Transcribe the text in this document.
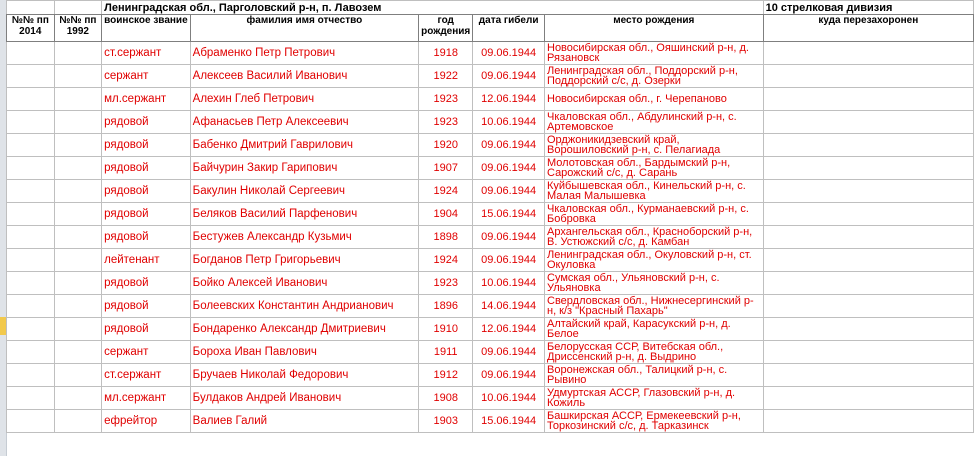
		Ленинградская обл., Парголовский р-н, п. Лавозем					10 стрелковая дивизия
№№ пп 2014	№№ пп 1992	воинское звание	фамилия имя отчество	год рождения	дата гибели	место рождения	куда перезахоронен
		ст.сержант	Абраменко Петр Петрович	1918	09.06.1944	Новосибирская обл., Ояшинский р-н, д. Рязановск	
		сержант	Алексеев Василий Иванович	1922	09.06.1944	Ленинградская обл., Поддорский р-н, Поддорский с/с, д. Озерки	
		мл.сержант	Алехин Глеб Петрович	1923	12.06.1944	Новосибирская обл., г. Черепаново	
		рядовой	Афанасьев Петр Алексеевич	1923	10.06.1944	Чкаловская обл., Абдулинский р-н, с. Артемовское	
		рядовой	Бабенко Дмитрий Гаврилович	1920	09.06.1944	Орджоникидзевский край, Ворошиловский р-н, с. Пелагиада	
		рядовой	Байчурин Закир Гарипович	1907	09.06.1944	Молотовская обл., Бардымский р-н, Сарожский с/с, д. Сарань	
		рядовой	Бакулин Николай Сергеевич	1924	09.06.1944	Куйбышевская обл., Кинельский р-н, с. Малая Малышевка	
		рядовой	Беляков Василий Парфенович	1904	15.06.1944	Чкаловская обл., Курманаевский р-н, с. Бобровка	
		рядовой	Бестужев Александр Кузьмич	1898	09.06.1944	Архангельская обл., Красноборский р-н, В. Устюжский с/с, д. Камбан	
		лейтенант	Богданов Петр Григорьевич	1924	09.06.1944	Ленинградская обл., Окуловский р-н, ст. Окуловка	
		рядовой	Бойко Алексей Иванович	1923	10.06.1944	Сумская обл., Ульяновский р-н, с. Ульяновка	
		рядовой	Болеевских Константин Андрианович	1896	14.06.1944	Свердловская обл., Нижнесергинский р-н, к/з "Красный Пахарь"	
		рядовой	Бондаренко Александр Дмитриевич	1910	12.06.1944	Алтайский край, Карасукский р-н, д. Белое	
		сержант	Бороха Иван Павлович	1911	09.06.1944	Белорусская ССР, Витебская обл., Дриссенский р-н, д. Выдрино	
		ст.сержант	Бручаев Николай Федорович	1912	09.06.1944	Воронежская обл., Талицкий р-н, с. Рывино	
		мл.сержант	Булдаков Андрей Иванович	1908	10.06.1944	Удмуртская АССР, Глазовский р-н, д. Кожиль	
		ефрейтор	Валиев Галий	1903	15.06.1944	Башкирская АССР, Ермекеевский р-н, Торкозинский с/с, д. Тарказинск	
